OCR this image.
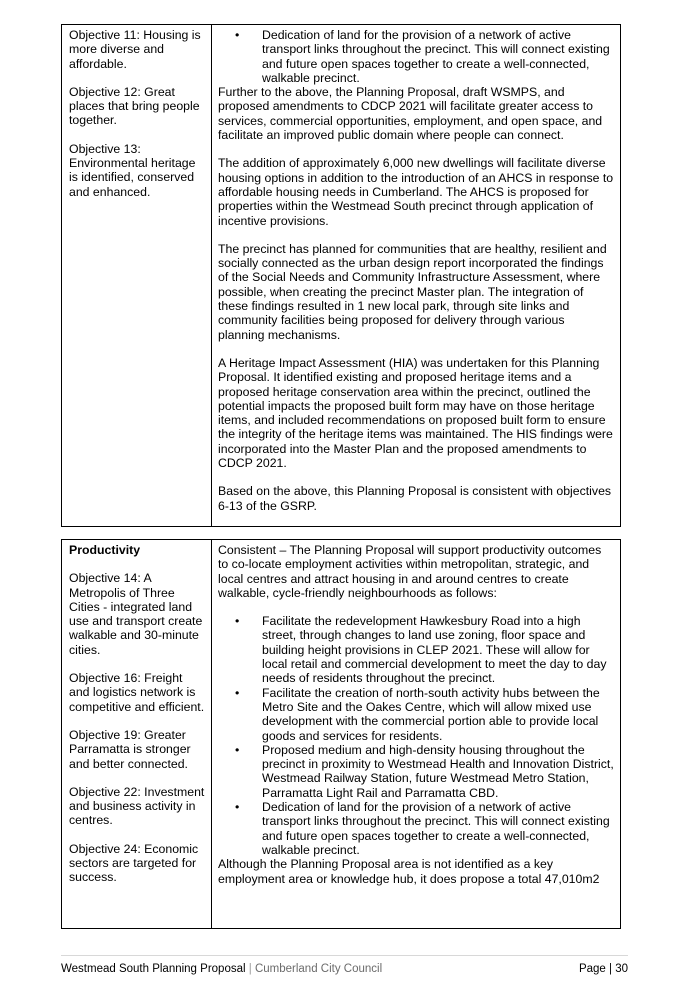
Objective 11: Housing is more diverse and affordable.

Objective 12: Great places that bring people together.

Objective 13: Environmental heritage is identified, conserved and enhanced.

• Dedication of land for the provision of a network of active transport links throughout the precinct. This will connect existing and future open spaces together to create a well-connected, walkable precinct.

Further to the above, the Planning Proposal, draft WSMPS, and proposed amendments to CDCP 2021 will facilitate greater access to services, commercial opportunities, employment, and open space, and facilitate an improved public domain where people can connect.

The addition of approximately 6,000 new dwellings will facilitate diverse housing options in addition to the introduction of an AHCS in response to affordable housing needs in Cumberland. The AHCS is proposed for properties within the Westmead South precinct through application of incentive provisions.

The precinct has planned for communities that are healthy, resilient and socially connected as the urban design report incorporated the findings of the Social Needs and Community Infrastructure Assessment, where possible, when creating the precinct Master plan. The integration of these findings resulted in 1 new local park, through site links and community facilities being proposed for delivery through various planning mechanisms.

A Heritage Impact Assessment (HIA) was undertaken for this Planning Proposal. It identified existing and proposed heritage items and a proposed heritage conservation area within the precinct, outlined the potential impacts the proposed built form may have on those heritage items, and included recommendations on proposed built form to ensure the integrity of the heritage items was maintained. The HIS findings were incorporated into the Master Plan and the proposed amendments to CDCP 2021.

Based on the above, this Planning Proposal is consistent with objectives 6-13 of the GSRP.

Productivity

Objective 14: A Metropolis of Three Cities - integrated land use and transport create walkable and 30-minute cities.

Objective 16: Freight and logistics network is competitive and efficient.

Objective 19: Greater Parramatta is stronger and better connected.

Objective 22: Investment and business activity in centres.

Objective 24: Economic sectors are targeted for success.

Consistent – The Planning Proposal will support productivity outcomes to co-locate employment activities within metropolitan, strategic, and local centres and attract housing in and around centres to create walkable, cycle-friendly neighbourhoods as follows:

• Facilitate the redevelopment Hawkesbury Road into a high street, through changes to land use zoning, floor space and building height provisions in CLEP 2021. These will allow for local retail and commercial development to meet the day to day needs of residents throughout the precinct.
• Facilitate the creation of north-south activity hubs between the Metro Site and the Oakes Centre, which will allow mixed use development with the commercial portion able to provide local goods and services for residents.
• Proposed medium and high-density housing throughout the precinct in proximity to Westmead Health and Innovation District, Westmead Railway Station, future Westmead Metro Station, Parramatta Light Rail and Parramatta CBD.
• Dedication of land for the provision of a network of active transport links throughout the precinct. This will connect existing and future open spaces together to create a well-connected, walkable precinct.

Although the Planning Proposal area is not identified as a key employment area or knowledge hub, it does propose a total 47,010m2

Westmead South Planning Proposal | Cumberland City Council	Page | 30
